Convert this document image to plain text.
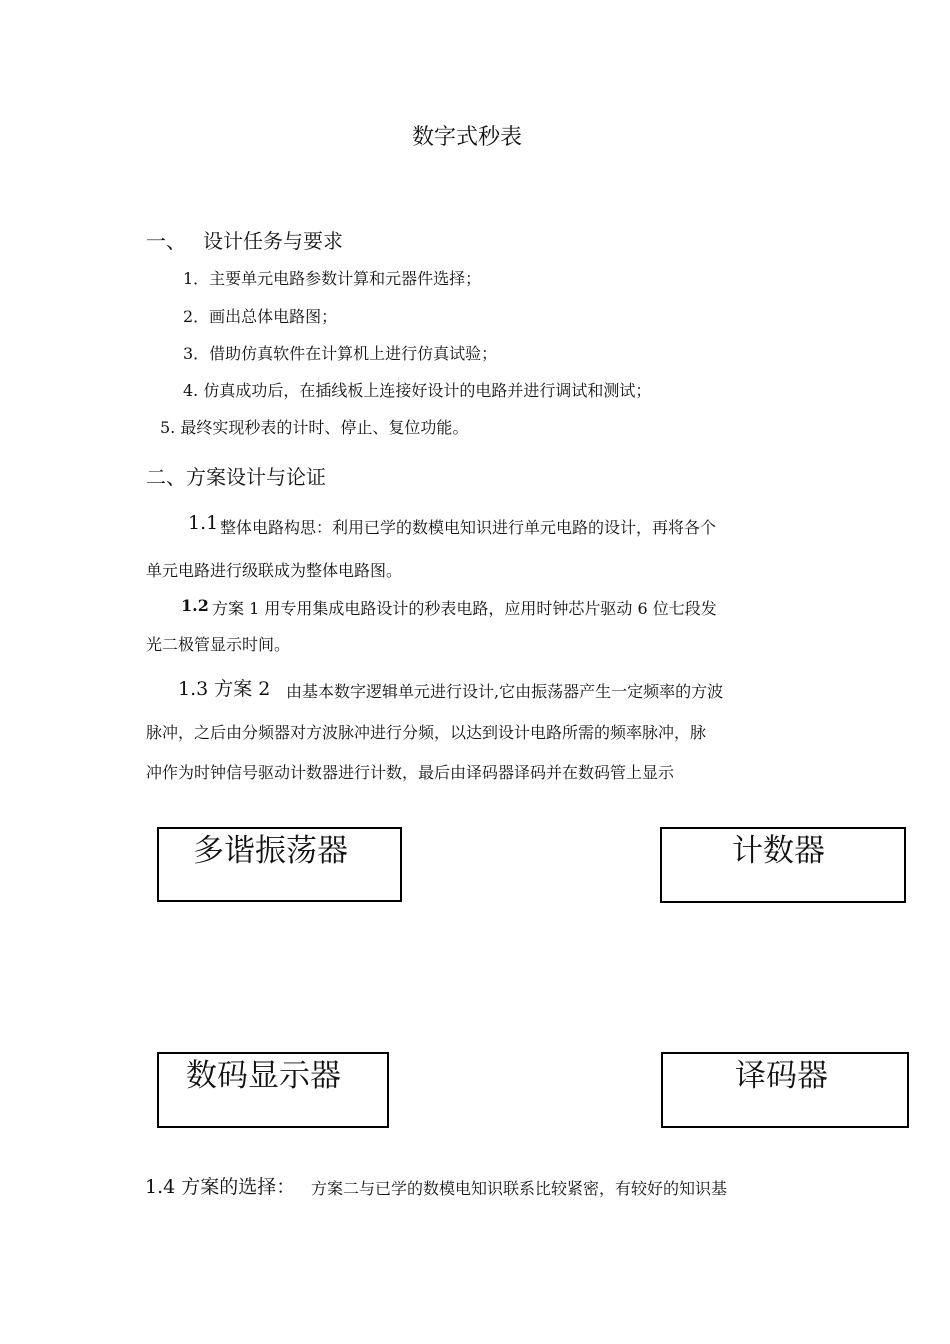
数字式秒表
一、 设计任务与要求
1．主要单元电路参数计算和元器件选择；
2．画出总体电路图；
3．借助仿真软件在计算机上进行仿真试验；
4. 仿真成功后，在插线板上连接好设计的电路并进行调试和测试；
5. 最终实现秒表的计时、停止、复位功能。
二、方案设计与论证
1.1 整体电路构思：利用已学的数模电知识进行单元电路的设计，再将各个
单元电路进行级联成为整体电路图。
1.2 方案 1 用专用集成电路设计的秒表电路，应用时钟芯片驱动 6 位七段发
光二极管显示时间。
1.3 方案 2 由基本数字逻辑单元进行设计,它由振荡器产生一定频率的方波
脉冲，之后由分频器对方波脉冲进行分频，以达到设计电路所需的频率脉冲，脉
冲作为时钟信号驱动计数器进行计数，最后由译码器译码并在数码管上显示
多谐振荡器	计数器
数码显示器	译码器
1.4 方案的选择： 方案二与已学的数模电知识联系比较紧密，有较好的知识基
